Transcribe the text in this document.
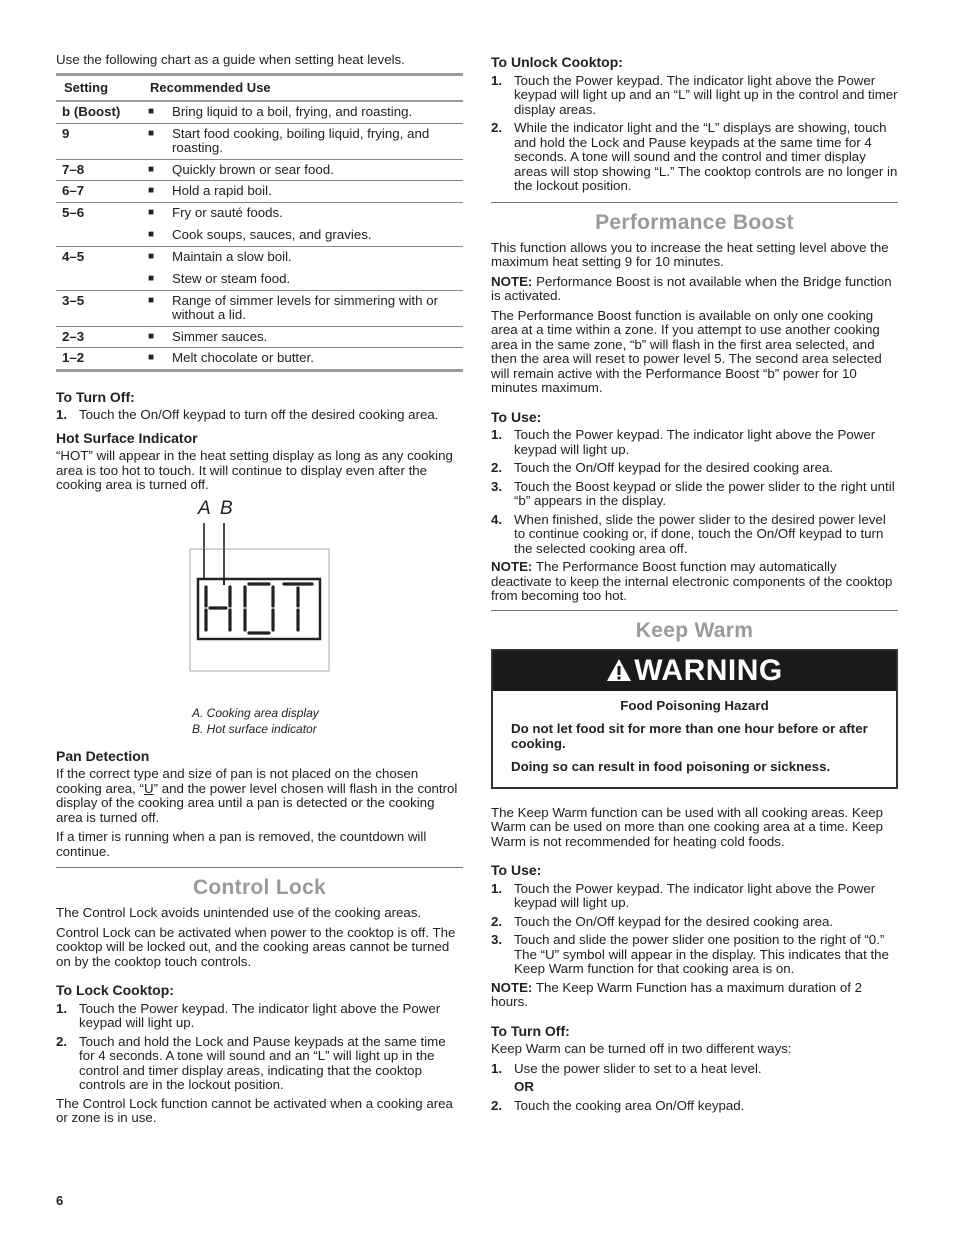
Use the following chart as a guide when setting heat levels.

Setting	Recommended Use
b (Boost)	■ Bring liquid to a boil, frying, and roasting.

9	■ Start food cooking, boiling liquid, frying, and roasting.

7–8	■ Quickly brown or sear food.

6–7	■ Hold a rapid boil.

5–6	■ Fry or sauté foods.
■ Cook soups, sauces, and gravies.

4–5	■ Maintain a slow boil.
■ Stew or steam food.

3–5	■ Range of simmer levels for simmering with or without a lid.

2–3	■ Simmer sauces.

1–2	■ Melt chocolate or butter.
To Turn Off:
1. Touch the On/Off keypad to turn off the desired cooking area.
Hot Surface Indicator

“HOT” will appear in the heat setting display as long as any cooking area is too hot to touch. It will continue to display even after the cooking area is turned off.

A B
A. Cooking area display
B. Hot surface indicator
Pan Detection

If the correct type and size of pan is not placed on the chosen cooking area, “U” and the power level chosen will flash in the control display of the cooking area until a pan is detected or the cooking area is turned off.

If a timer is running when a pan is removed, the countdown will continue.

Control Lock

The Control Lock avoids unintended use of the cooking areas.

Control Lock can be activated when power to the cooktop is off. The cooktop will be locked out, and the cooking areas cannot be turned on by the cooktop touch controls.

To Lock Cooktop:
1. Touch the Power keypad. The indicator light above the Power keypad will light up.
2. Touch and hold the Lock and Pause keypads at the same time for 4 seconds. A tone will sound and an “L” will light up in the control and timer display areas, indicating that the cooktop controls are in the lockout position.

The Control Lock function cannot be activated when a cooking area or zone is in use.

To Unlock Cooktop:
1. Touch the Power keypad. The indicator light above the Power keypad will light up and an “L” will light up in the control and timer display areas.
2. While the indicator light and the “L” displays are showing, touch and hold the Lock and Pause keypads at the same time for 4 seconds. A tone will sound and the control and timer display areas will stop showing “L.” The cooktop controls are no longer in the lockout position.
Performance Boost

This function allows you to increase the heat setting level above the maximum heat setting 9 for 10 minutes.

NOTE: Performance Boost is not available when the Bridge function is activated.

The Performance Boost function is available on only one cooking area at a time within a zone. If you attempt to use another cooking area in the same zone, “b” will flash in the first area selected, and then the area will reset to power level 5. The second area selected will remain active with the Performance Boost “b” power for 10 minutes maximum.

To Use:
1. Touch the Power keypad. The indicator light above the Power keypad will light up.
2. Touch the On/Off keypad for the desired cooking area.
3. Touch the Boost keypad or slide the power slider to the right until “b” appears in the display.
4. When finished, slide the power slider to the desired power level to continue cooking or, if done, touch the On/Off keypad to turn the selected cooking area off.

NOTE: The Performance Boost function may automatically deactivate to keep the internal electronic components of the cooktop from becoming too hot.

Keep Warm
WARNING
Food Poisoning Hazard

Do not let food sit for more than one hour before or after cooking.

Doing so can result in food poisoning or sickness.

The Keep Warm function can be used with all cooking areas. Keep Warm can be used on more than one cooking area at a time. Keep Warm is not recommended for heating cold foods.

To Use:
1. Touch the Power keypad. The indicator light above the Power keypad will light up.
2. Touch the On/Off keypad for the desired cooking area.
3. Touch and slide the power slider one position to the right of “0.” The “U” symbol will appear in the display. This indicates that the Keep Warm function for that cooking area is on.

NOTE: The Keep Warm Function has a maximum duration of 2 hours.

To Turn Off:

Keep Warm can be turned off in two different ways:

1. Use the power slider to set to a heat level.
OR
2. Touch the cooking area On/Off keypad.
6
